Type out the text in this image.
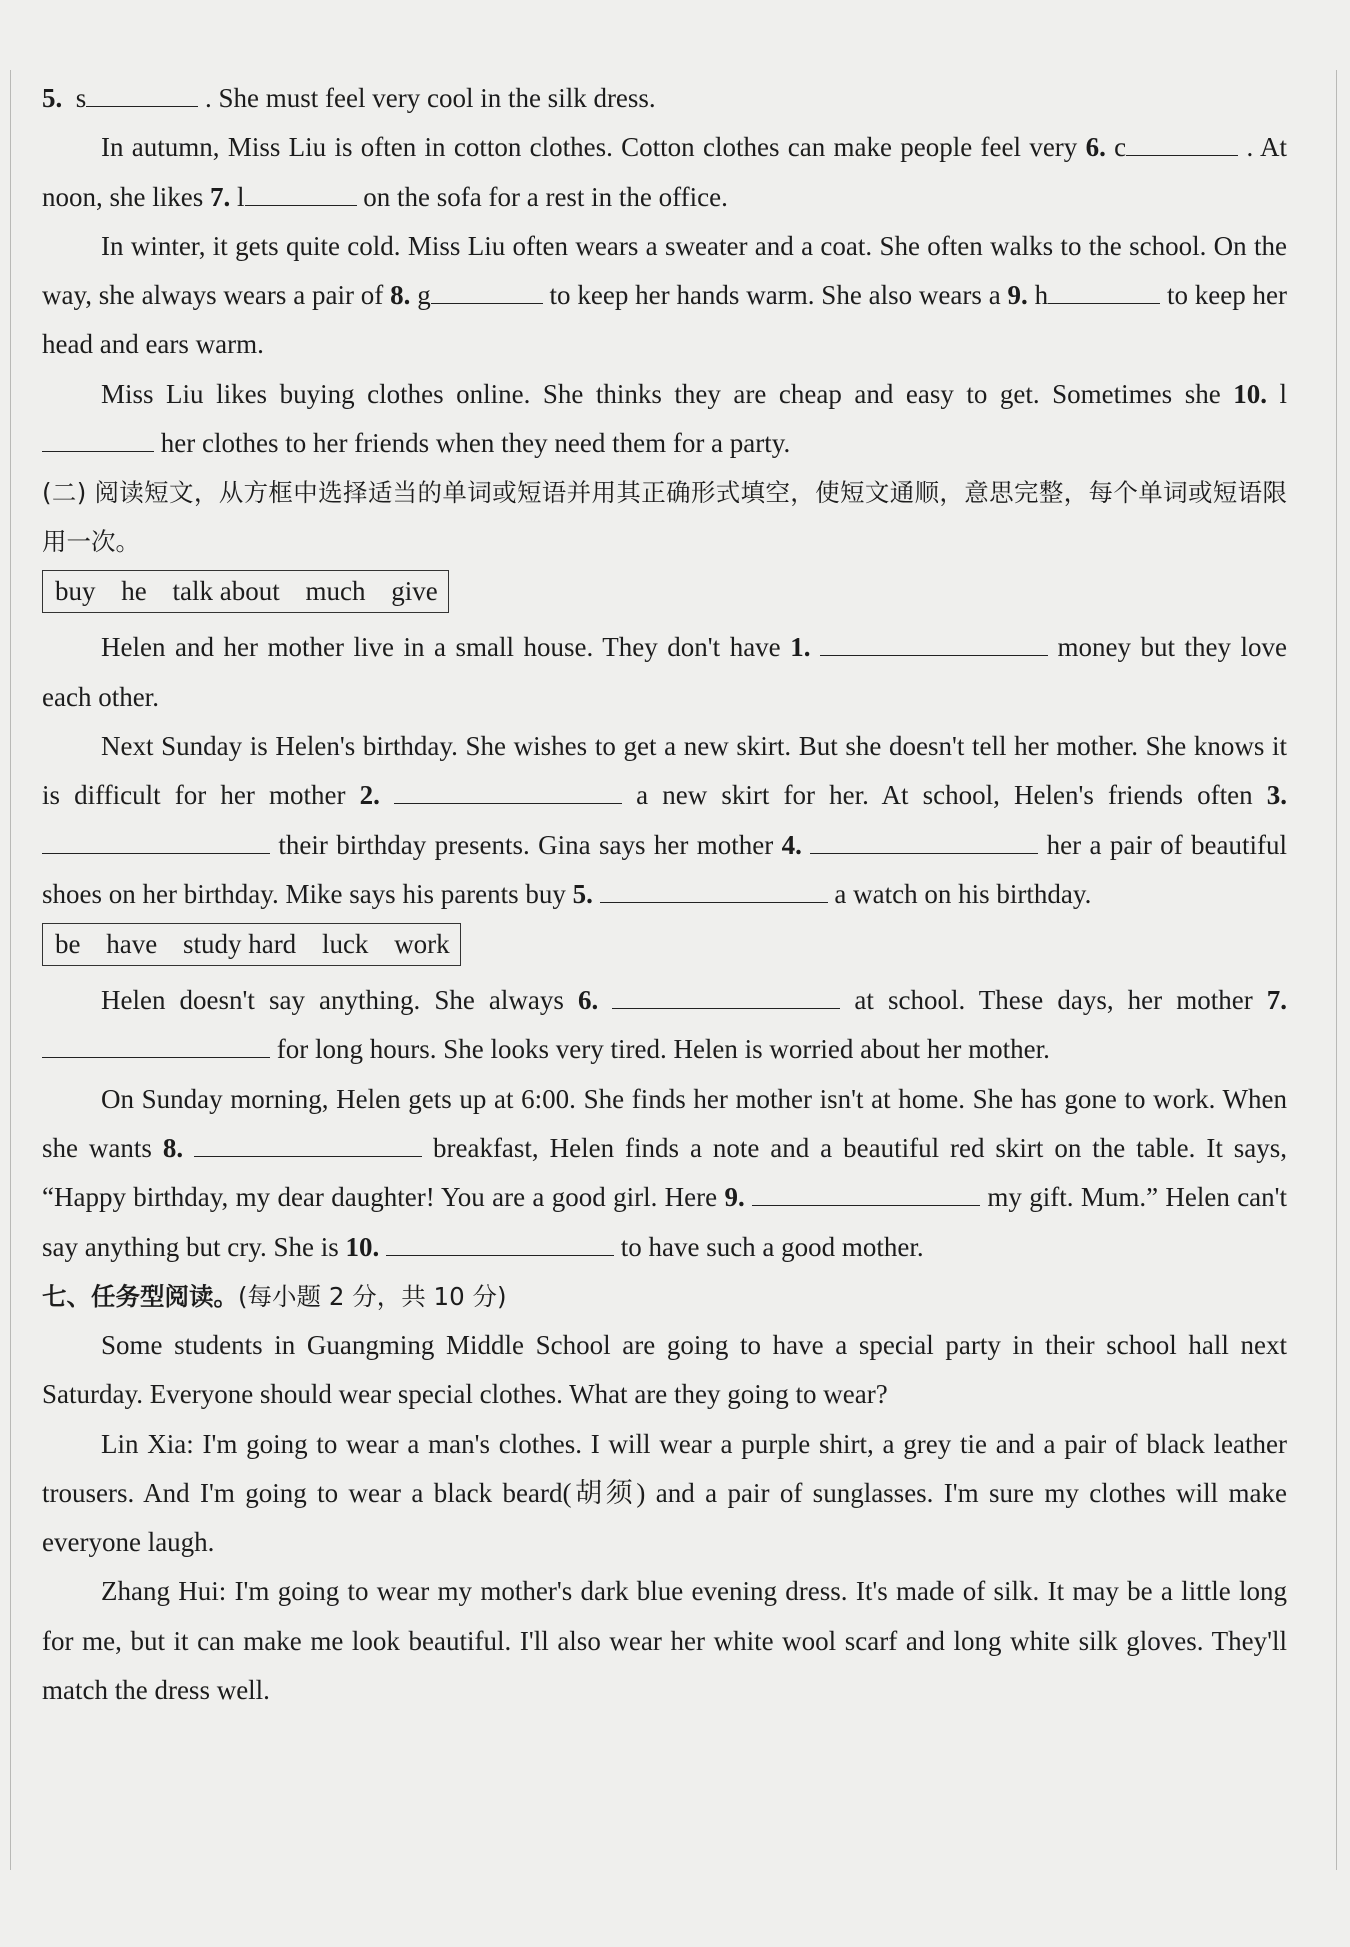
5. s	. She must feel very cool in the silk dress.

In autumn, Miss Liu is often in cotton clothes. Cotton clothes can make people feel very 6. c	. At noon, she likes 7. l	on the sofa for a rest in the office.

In winter, it gets quite cold. Miss Liu often wears a sweater and a coat. She often walks to the school. On the way, she always wears a pair of 8. g	to keep her hands warm. She also wears a 9. h	to keep her head and ears warm.

Miss Liu likes buying clothes online. She thinks they are cheap and easy to get. Sometimes she 10. l her clothes to her friends when they need them for a party.

(二) 阅读短文，从方框中选择适当的单词或短语并用其正确形式填空，使短文通顺，意思完整，每个单词或短语限用一次。

buy he talk about much give

Helen and her mother live in a small house. They don't have 1.	money but they love each other.

Next Sunday is Helen's birthday. She wishes to get a new skirt. But she doesn't tell her mother. She knows it is difficult for her mother 2.	a new skirt for her. At school, Helen's friends often 3.  their birthday presents. Gina says her mother 4.	her a pair of beautiful shoes on her birthday. Mike says his parents buy 5.	a watch on his birthday.

be have study hard luck work

Helen doesn't say anything. She always 6.	at school. These days, her mother 7.  for long hours. She looks very tired. Helen is worried about her mother.

On Sunday morning, Helen gets up at 6:00. She finds her mother isn't at home. She has gone to work. When she wants 8.	breakfast, Helen finds a note and a beautiful red skirt on the table. It says, “Happy birthday, my dear daughter! You are a good girl. Here 9.	my gift. Mum.” Helen can't say anything but cry. She is 10.	to have such a good mother.

七、任务型阅读。(每小题 2 分，共 10 分)

Some students in Guangming Middle School are going to have a special party in their school hall next Saturday. Everyone should wear special clothes. What are they going to wear?

Lin Xia: I'm going to wear a man's clothes. I will wear a purple shirt, a grey tie and a pair of black leather trousers. And I'm going to wear a black beard(胡须) and a pair of sunglasses. I'm sure my clothes will make everyone laugh.

Zhang Hui: I'm going to wear my mother's dark blue evening dress. It's made of silk. It may be a little long for me, but it can make me look beautiful. I'll also wear her white wool scarf and long white silk gloves. They'll match the dress well.
